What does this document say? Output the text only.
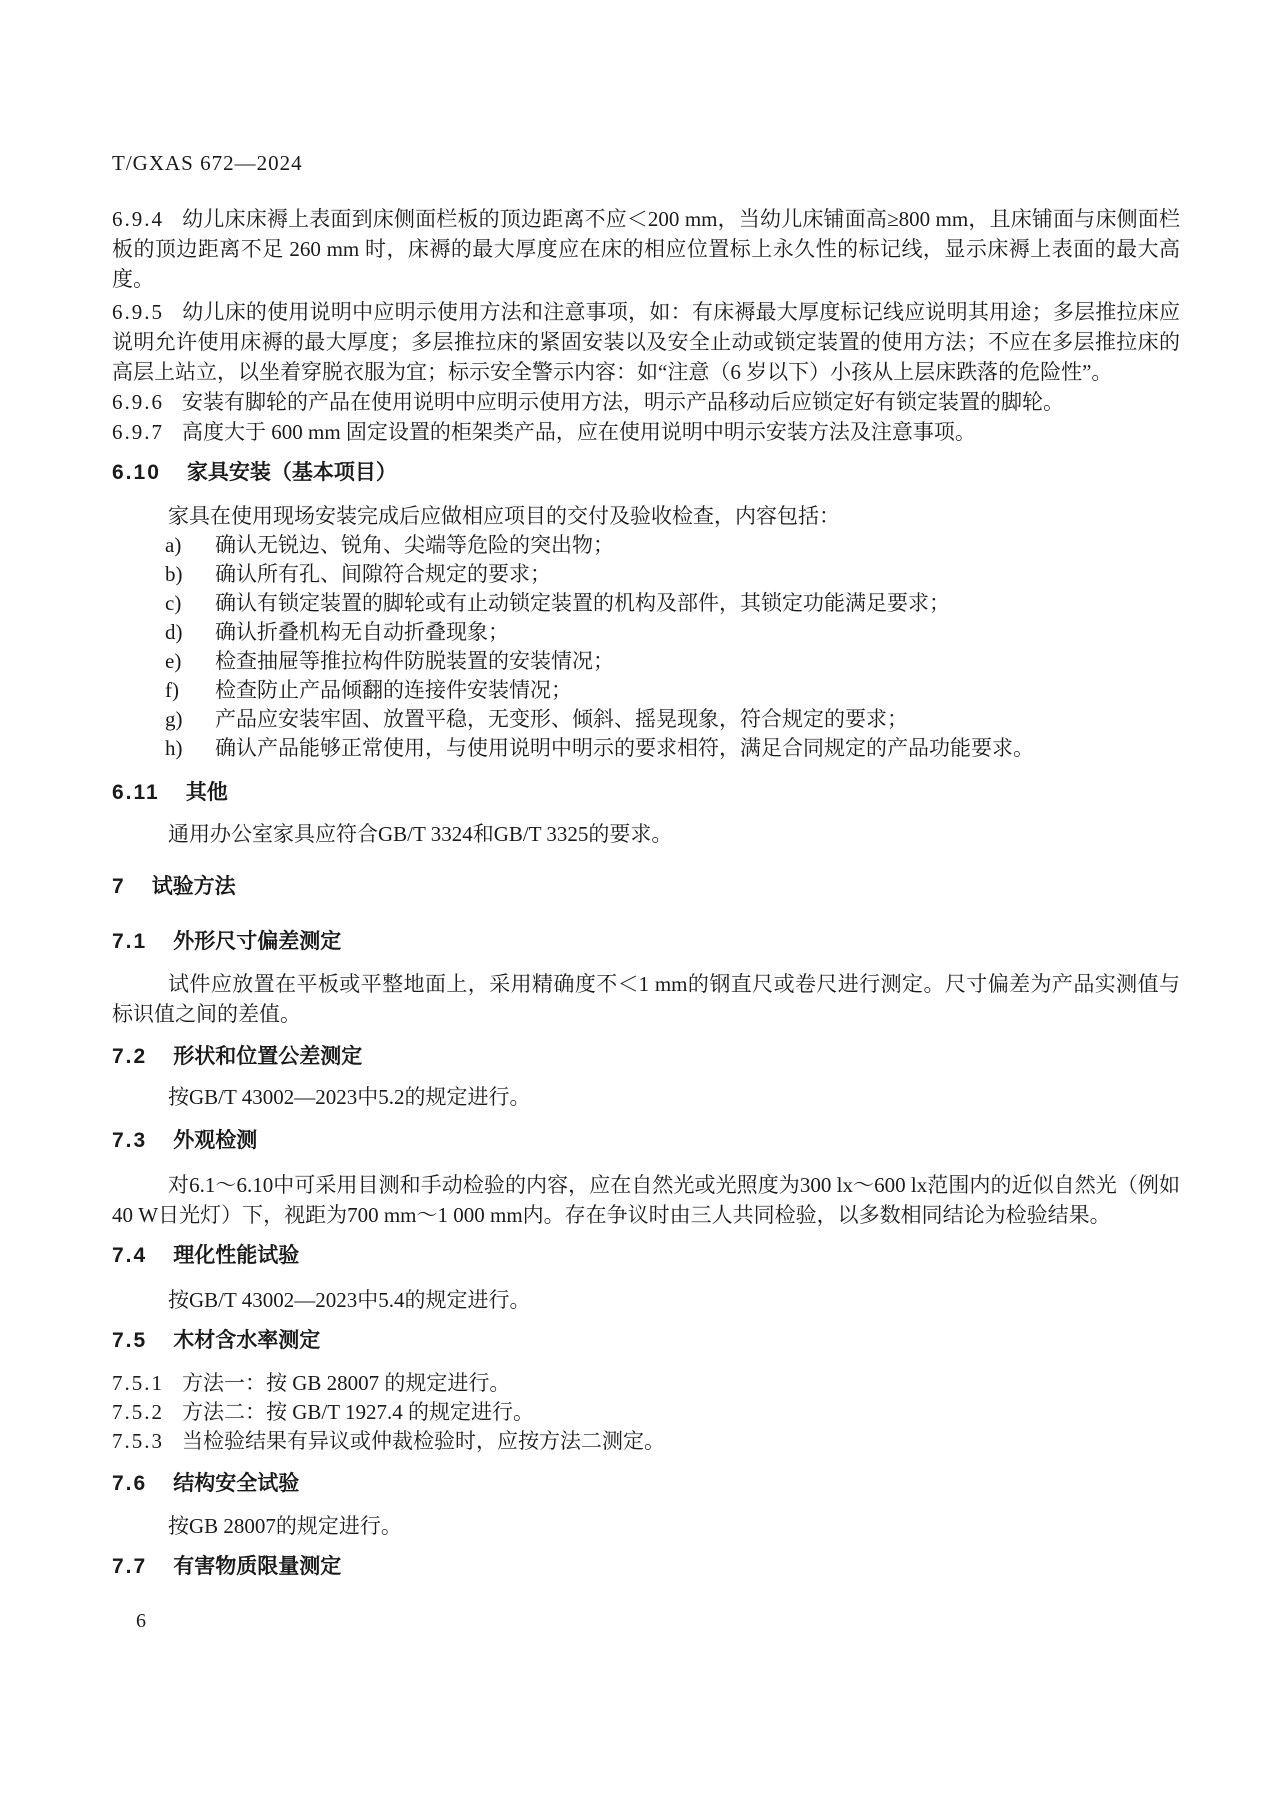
T/GXAS 672—2024

6.9.4 幼儿床床褥上表面到床侧面栏板的顶边距离不应＜200 mm，当幼儿床铺面高≥800 mm，且床铺面与床侧面栏板的顶边距离不足 260 mm 时，床褥的最大厚度应在床的相应位置标上永久性的标记线，显示床褥上表面的最大高度。

6.9.5 幼儿床的使用说明中应明示使用方法和注意事项，如：有床褥最大厚度标记线应说明其用途；多层推拉床应说明允许使用床褥的最大厚度；多层推拉床的紧固安装以及安全止动或锁定装置的使用方法；不应在多层推拉床的高层上站立，以坐着穿脱衣服为宜；标示安全警示内容：如“注意（6 岁以下）小孩从上层床跌落的危险性”。

6.9.6 安装有脚轮的产品在使用说明中应明示使用方法，明示产品移动后应锁定好有锁定装置的脚轮。

6.9.7 高度大于 600 mm 固定设置的柜架类产品，应在使用说明中明示安装方法及注意事项。

6.10 家具安装（基本项目）

家具在使用现场安装完成后应做相应项目的交付及验收检查，内容包括：

a)	确认无锐边、锐角、尖端等危险的突出物；
b)	确认所有孔、间隙符合规定的要求；
c)	确认有锁定装置的脚轮或有止动锁定装置的机构及部件，其锁定功能满足要求；
d)	确认折叠机构无自动折叠现象；
e)	检查抽屉等推拉构件防脱装置的安装情况；
f)	检查防止产品倾翻的连接件安装情况；
g)	产品应安装牢固、放置平稳，无变形、倾斜、摇晃现象，符合规定的要求；
h)	确认产品能够正常使用，与使用说明中明示的要求相符，满足合同规定的产品功能要求。
6.11 其他

通用办公室家具应符合GB/T 3324和GB/T 3325的要求。

7 试验方法
7.1 外形尺寸偏差测定

试件应放置在平板或平整地面上，采用精确度不＜1 mm的钢直尺或卷尺进行测定。尺寸偏差为产品实测值与标识值之间的差值。

7.2 形状和位置公差测定

按GB/T 43002—2023中5.2的规定进行。

7.3 外观检测

对6.1～6.10中可采用目测和手动检验的内容，应在自然光或光照度为300 lx～600 lx范围内的近似自然光（例如40 W日光灯）下，视距为700 mm～1 000 mm内。存在争议时由三人共同检验，以多数相同结论为检验结果。

7.4 理化性能试验

按GB/T 43002—2023中5.4的规定进行。

7.5 木材含水率测定

7.5.1 方法一：按 GB 28007 的规定进行。

7.5.2 方法二：按 GB/T 1927.4 的规定进行。

7.5.3 当检验结果有异议或仲裁检验时，应按方法二测定。

7.6 结构安全试验

按GB 28007的规定进行。

7.7 有害物质限量测定
6
